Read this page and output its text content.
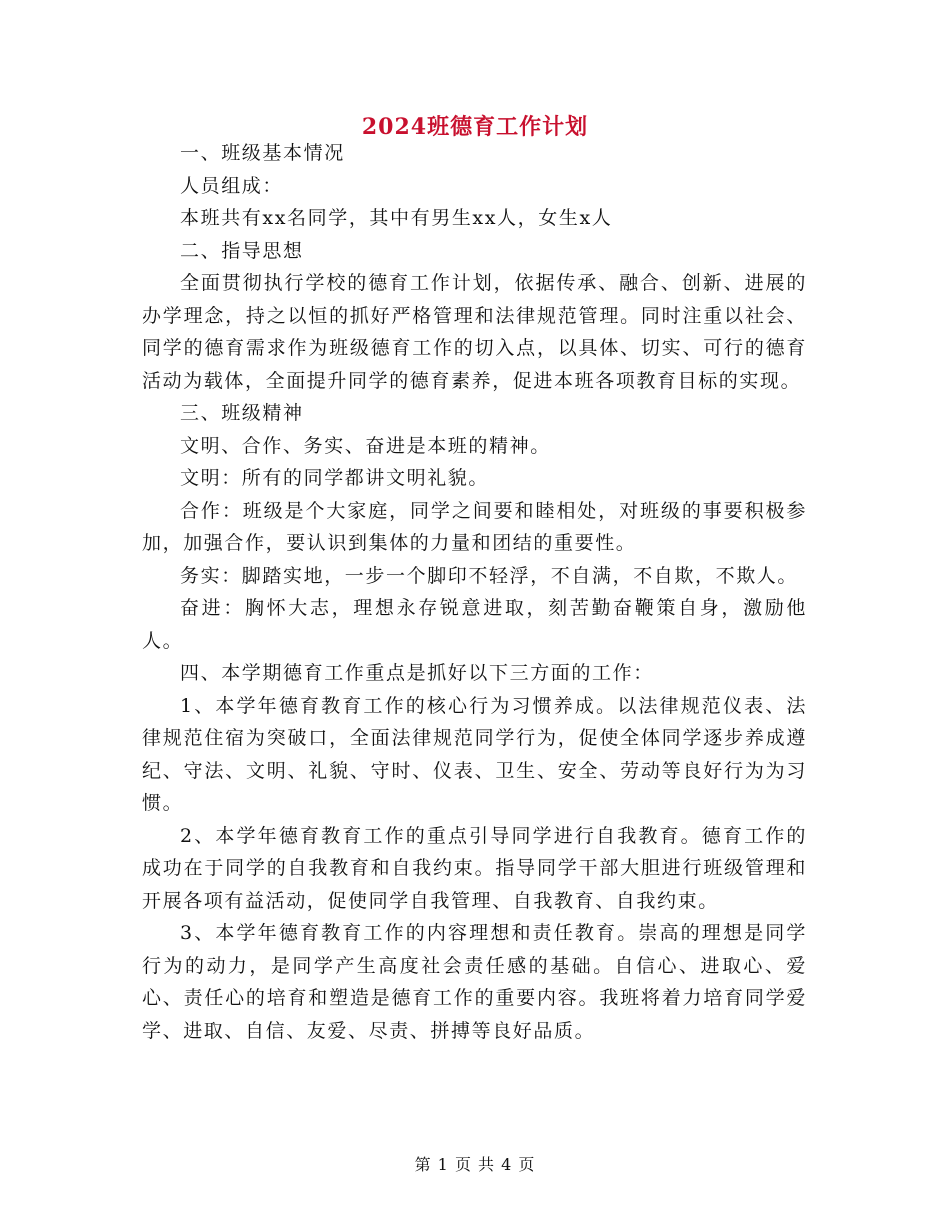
2024班德育工作计划

一、班级基本情况

人员组成：

本班共有xx名同学，其中有男生xx人，女生x人

二、指导思想

全面贯彻执行学校的德育工作计划，依据传承、融合、创新、进展的办学理念，持之以恒的抓好严格管理和法律规范管理。同时注重以社会、同学的德育需求作为班级德育工作的切入点，以具体、切实、可行的德育活动为载体，全面提升同学的德育素养，促进本班各项教育目标的实现。

三、班级精神

文明、合作、务实、奋进是本班的精神。

文明：所有的同学都讲文明礼貌。

合作：班级是个大家庭，同学之间要和睦相处，对班级的事要积极参加，加强合作，要认识到集体的力量和团结的重要性。

务实：脚踏实地，一步一个脚印不轻浮，不自满，不自欺，不欺人。

奋进：胸怀大志，理想永存锐意进取，刻苦勤奋鞭策自身，激励他人。

四、本学期德育工作重点是抓好以下三方面的工作：

1、本学年德育教育工作的核心行为习惯养成。以法律规范仪表、法律规范住宿为突破口，全面法律规范同学行为，促使全体同学逐步养成遵纪、守法、文明、礼貌、守时、仪表、卫生、安全、劳动等良好行为为习惯。

2、本学年德育教育工作的重点引导同学进行自我教育。德育工作的成功在于同学的自我教育和自我约束。指导同学干部大胆进行班级管理和开展各项有益活动，促使同学自我管理、自我教育、自我约束。

3、本学年德育教育工作的内容理想和责任教育。崇高的理想是同学行为的动力，是同学产生高度社会责任感的基础。自信心、进取心、爱心、责任心的培育和塑造是德育工作的重要内容。我班将着力培育同学爱学、进取、自信、友爱、尽责、拼搏等良好品质。

第 1 页 共 4 页
